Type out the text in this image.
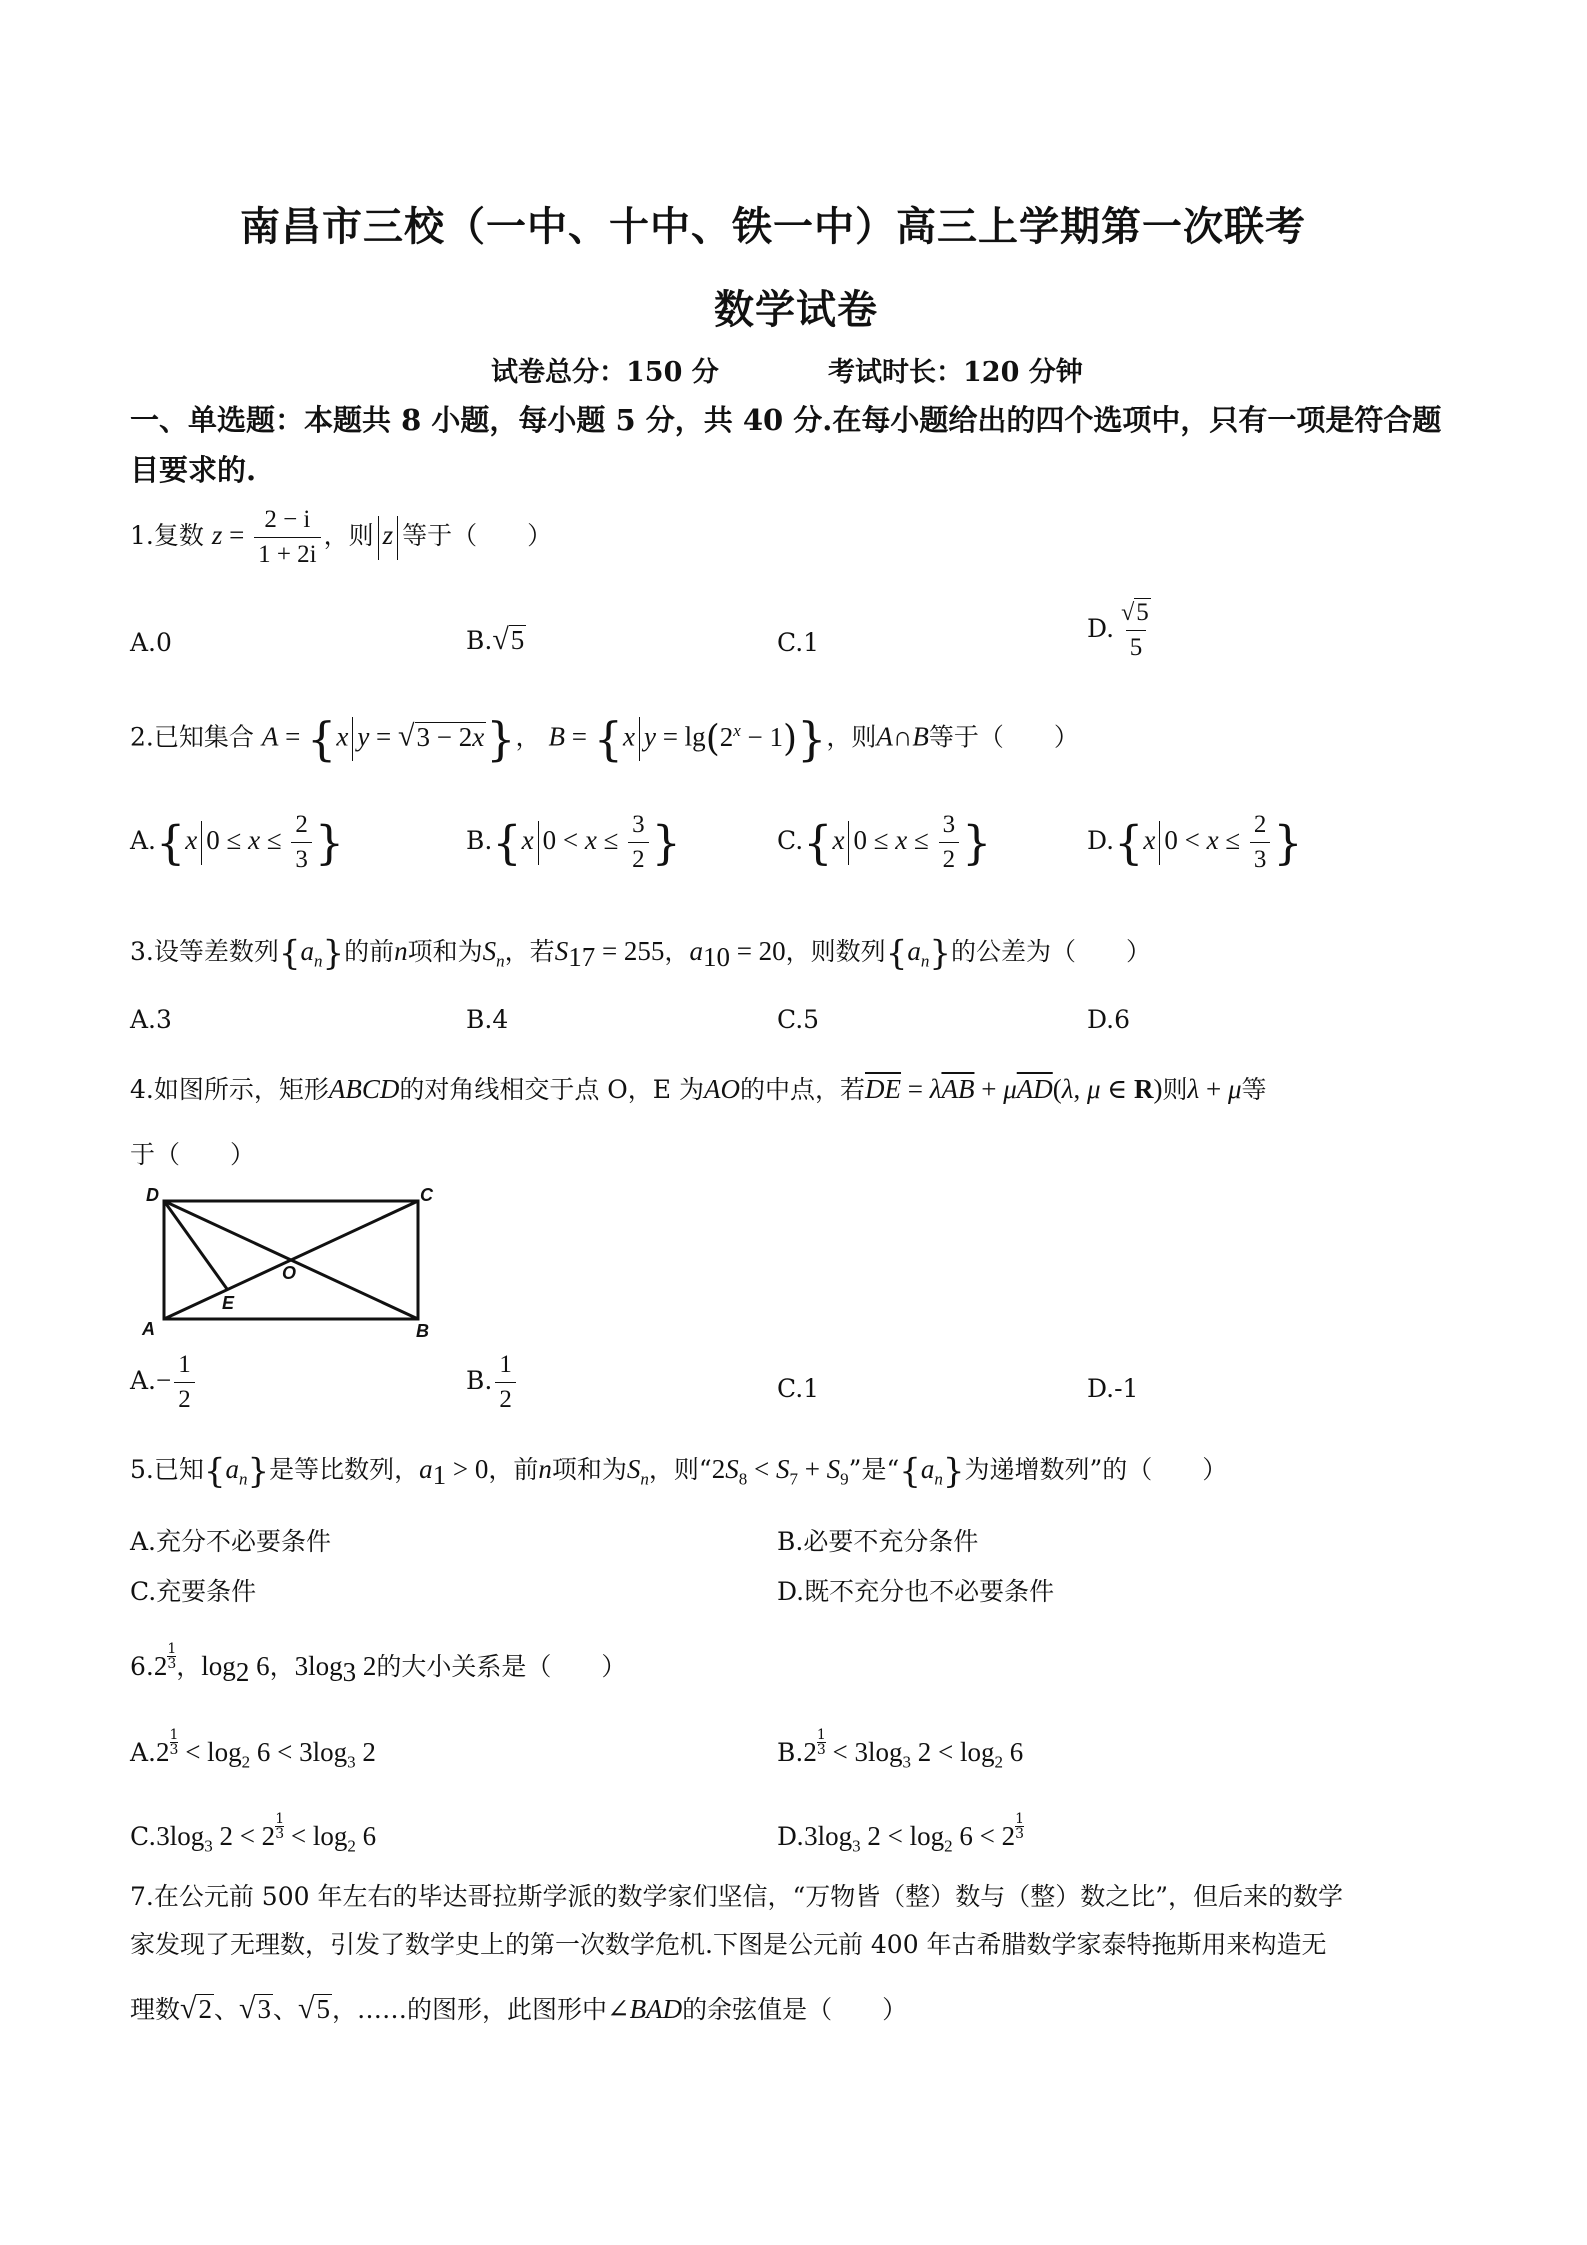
南昌市三校（一中、十中、铁一中）高三上学期第一次联考
数学试卷
试卷总分：150 分	考试时长：120 分钟
一、单选题：本题共 8 小题，每小题 5 分，共 40 分.在每小题给出的四个选项中，只有一项是符合题目要求的.
1.复数 $z = \frac{2 - i}{1 + 2i}$ ，则 z 等于（　　）
A.0	B.√5	C.1	D. $\frac{√5}{5}$
2.已知集合 A = {x y = √3 − 2x}， B = {x $y = \lg(2^x - 1)$}，则A∩B等于（　　）
A.{x $0 \le x \le \frac{2}{3}$ }	B.{x $0 < x \le \frac{3}{2}$ }	C.{x $0 \le x \le \frac{3}{2}$ }	D.{x $0 < x \le \frac{2}{3}$ }
3.设等差数列$\{a_n\}$的前n项和为$S_n$，若$S_{17} = 255$，$a_{10} = 20$，则数列$\{a_n\}$的公差为（　　）
A.3	B.4	C.5	D.6
4.如图所示，矩形ABCD的对角线相交于点 O，E 为AO的中点，若$\overline{DE} = \lambda\overline{AB} + \mu\overline{AD}(\lambda$, μ ∈ R)则λ + μ等
于（　　）
D	C
A	B
O
E
$A.- \frac{1}{2}$	B. $\frac{1}{2}$	C.1	D.-1
5.已知$\{a_n\}$是等比数列，$a_1 > 0$，前n项和为$S_n$，则“$2S_8 < S_7 + S_9$”是“$\{a_n\}$为递增数列”的（　　）
A.充分不必要条件	B.必要不充分条件
C.充要条件	D.既不充分也不必要条件
$6.2 \frac{1}{3}$ ，$\log_2 6$，$3\log_3$ 2的大小关系是（　　）
$A.2 \frac{1}{3} < \log_2 6 < 3\log_3$ 2	$B.2 \frac{1}{3} < 3\log_3$ $2 < \log_2 6$
$C.3\log_3$ $2 < 2 \frac{1}{3} < \log_2 6$	$D.3\log_3$ $2 < \log_2 6 < 2 \frac{1}{3}$
7.在公元前 500 年左右的毕达哥拉斯学派的数学家们坚信，“万物皆（整）数与（整）数之比”，但后来的数学
家发现了无理数，引发了数学史上的第一次数学危机.下图是公元前 400 年古希腊数学家泰特拖斯用来构造无
理数√2、√3、√5，……的图形，此图形中∠BAD的余弦值是（　　）
